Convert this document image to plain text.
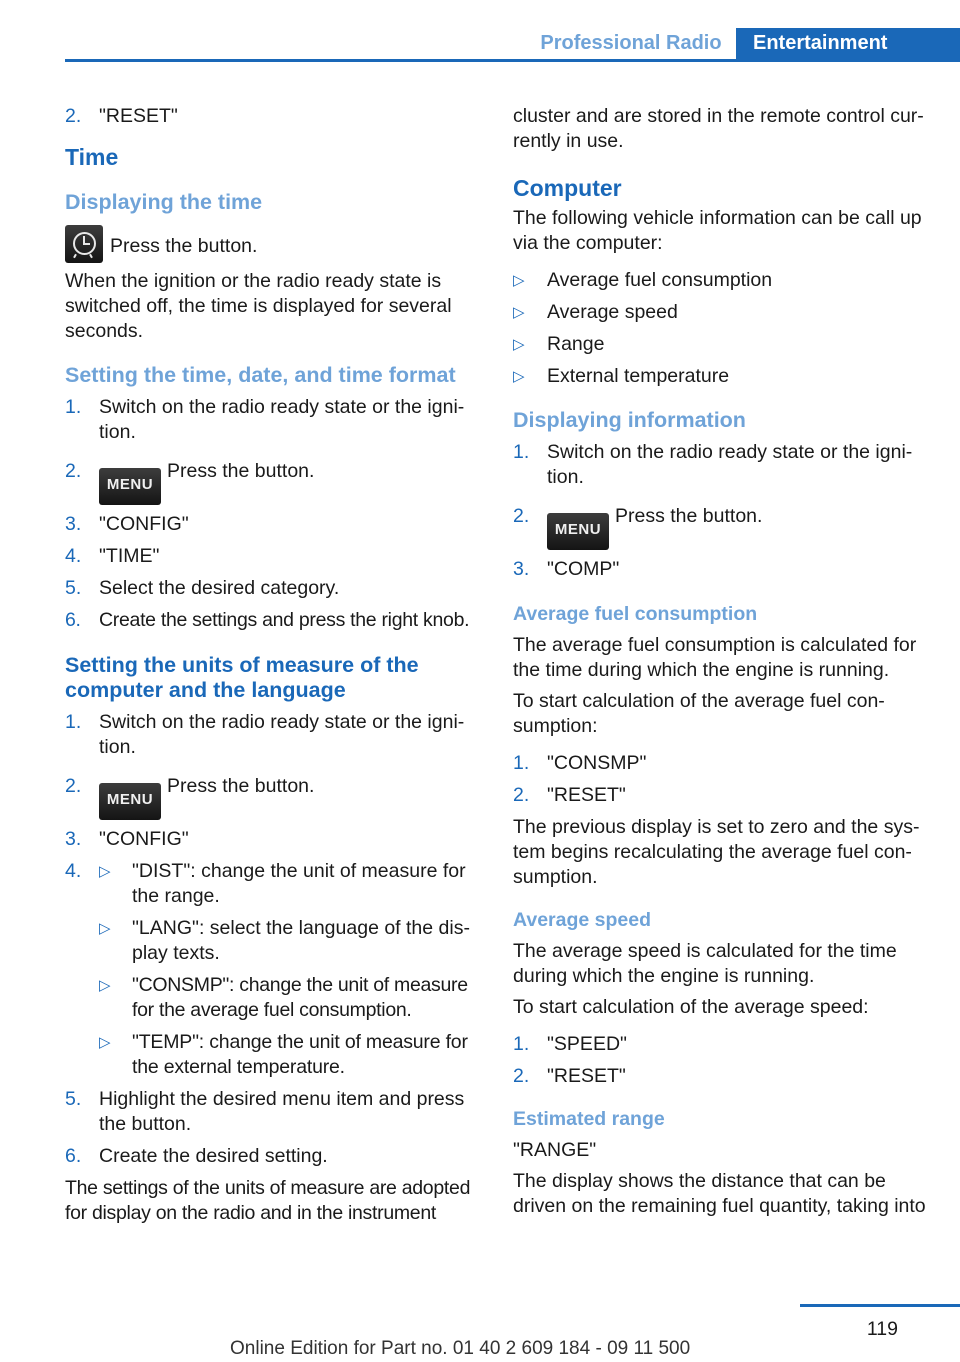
Professional Radio	Entertainment
2. "RESET"
Time
Displaying the time

Press the button.

When the ignition or the radio ready state is switched off, the time is displayed for several seconds.

Setting the time, date, and time format
1. Switch on the radio ready state or the igni-tion.
2.
MENUPress the button.
3. "CONFIG"
4. "TIME"
5. Select the desired category.
6. Create the settings and press the right knob.
Setting the units of measure of the computer and the language
1. Switch on the radio ready state or the igni-tion.
2.
MENUPress the button.
3. "CONFIG"
4. ▷ "DIST": change the unit of measure for the range.
▷ "LANG": select the language of the dis-play texts.
▷ "CONSMP": change the unit of measure for the average fuel consumption.
▷ "TEMP": change the unit of measure for the external temperature.
5. Highlight the desired menu item and press the button.
6. Create the desired setting.

The settings of the units of measure are adopted for display on the radio and in the instrument

cluster and are stored in the remote control cur-rently in use.

Computer

The following vehicle information can be call up via the computer:

▷ Average fuel consumption
▷ Average speed
▷ Range
▷ External temperature
Displaying information
1. Switch on the radio ready state or the igni-tion.
2.
MENUPress the button.
3. "COMP"
Average fuel consumption

The average fuel consumption is calculated for the time during which the engine is running.

To start calculation of the average fuel con-sumption:

1. "CONSMP"
2. "RESET"

The previous display is set to zero and the sys-tem begins recalculating the average fuel con-sumption.

Average speed

The average speed is calculated for the time during which the engine is running.

To start calculation of the average speed:

1. "SPEED"
2. "RESET"
Estimated range

"RANGE"

The display shows the distance that can be driven on the remaining fuel quantity, taking into

119
Online Edition for Part no. 01 40 2 609 184 - 09 11 500
